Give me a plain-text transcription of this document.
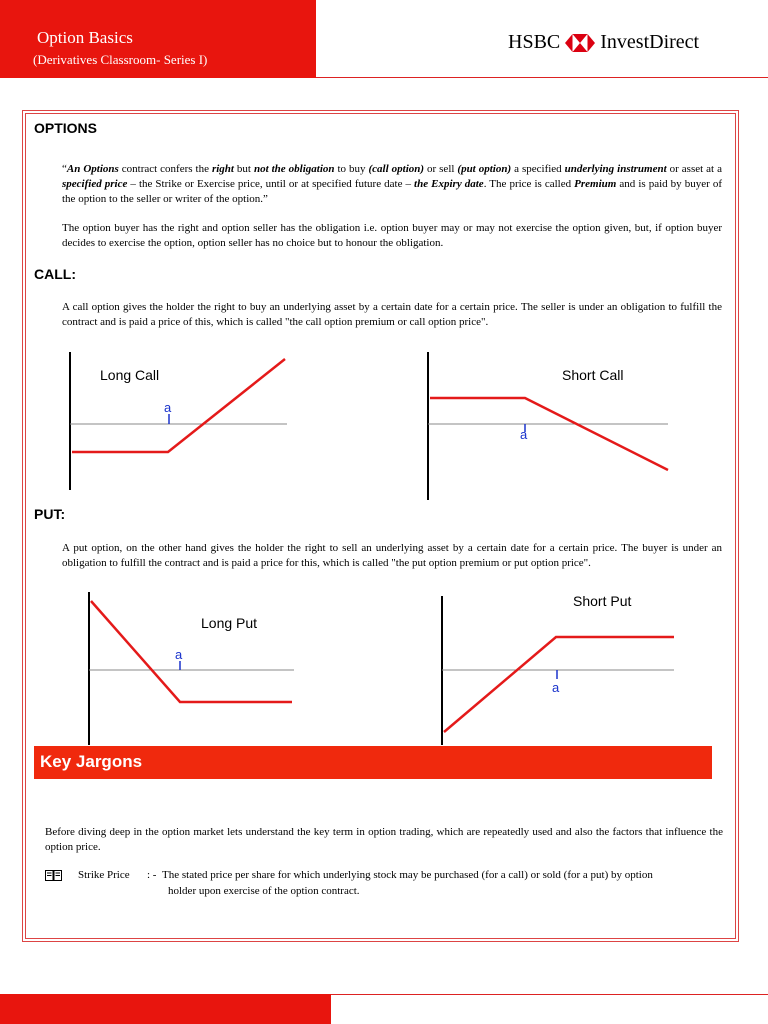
Option Basics
(Derivatives Classroom- Series I)
HSBC InvestDirect
OPTIONS
“An Options contract confers the right but not the obligation to buy (call option) or sell (put option) a specified underlying instrument or asset at a specified price – the Strike or Exercise price, until or at specified future date – the Expiry date. The price is called Premium and is paid by buyer of the option to the seller or writer of the option.”
The option buyer has the right and option seller has the obligation i.e. option buyer may or may not exercise the option given, but, if option buyer decides to exercise the option, option seller has no choice but to honour the obligation.
CALL:
A call option gives the holder the right to buy an underlying asset by a certain date for a certain price. The seller is under an obligation to fulfill the contract and is paid a price of this, which is called "the call option premium or call option price".
Long Call	Short Call
a
a
PUT:
A put option, on the other hand gives the holder the right to sell an underlying asset by a certain date for a certain price. The buyer is under an obligation to fulfill the contract and is paid a price for this, which is called "the put option premium or put option price".
Long Put
Short Put
a
a
Key Jargons
Before diving deep in the option market lets understand the key term in option trading, which are repeatedly used and also the factors that influence the option price.
Strike Price : - The stated price per share for which underlying stock may be purchased (for a call) or sold (for a put) by option
holder upon exercise of the option contract.
